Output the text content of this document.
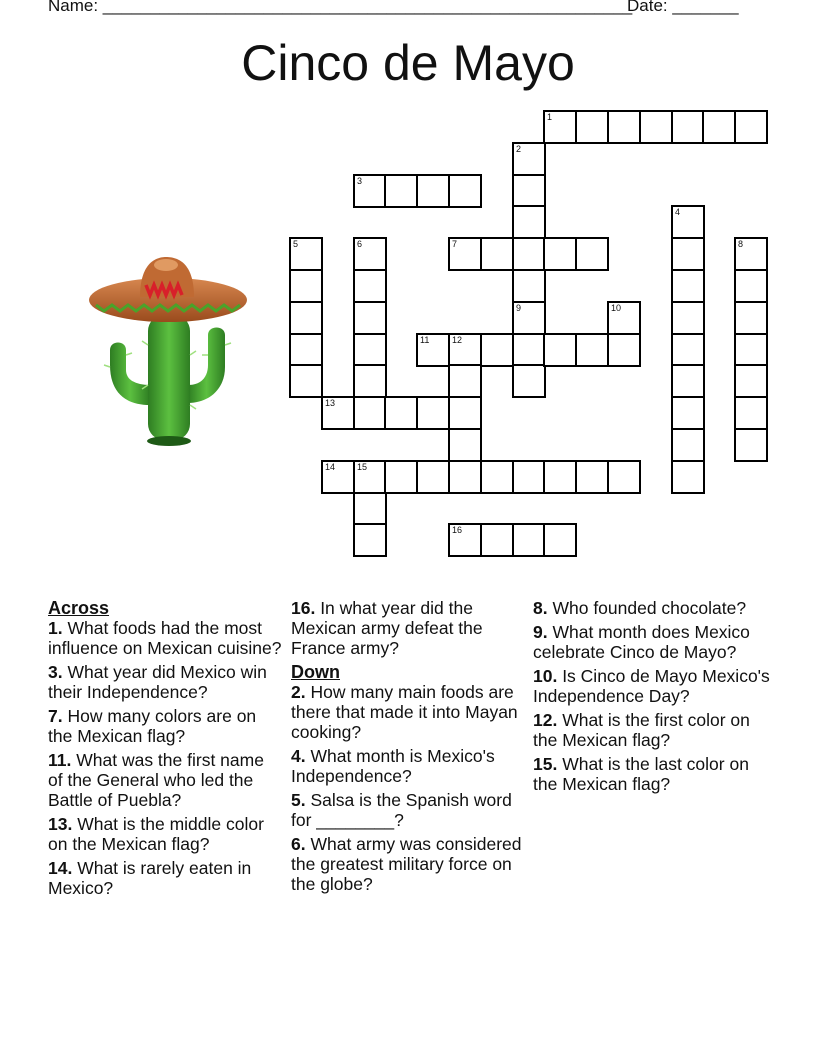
Name: ________________________________________________________
Date: _______
Cinco de Mayo
1
2
3
4
5	6	7	8
9	10
11	12
13
14 15
16
Across

1. What foods had the most influence on Mexican cuisine?

3. What year did Mexico win their Independence?

7. How many colors are on the Mexican flag?

11. What was the first name of the General who led the Battle of Puebla?

13. What is the middle color on the Mexican flag?

14. What is rarely eaten in Mexico?

16. In what year did the Mexican army defeat the France army?

Down

2. How many main foods are there that made it into Mayan cooking?

4. What month is Mexico's Independence?

5. Salsa is the Spanish word for ________?

6. What army was considered the greatest military force on the globe?

8. Who founded chocolate?

9. What month does Mexico celebrate Cinco de Mayo?

10. Is Cinco de Mayo Mexico's Independence Day?

12. What is the first color on the Mexican flag?

15. What is the last color on the Mexican flag?
